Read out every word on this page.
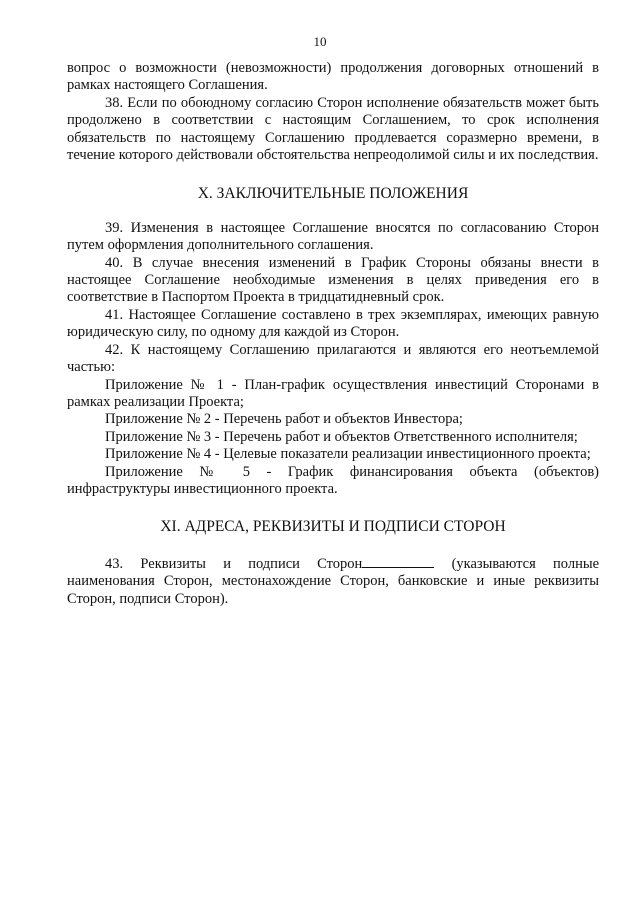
10

вопрос о возможности (невозможности) продолжения договорных отношений в рамках настоящего Соглашения.

38. Если по обоюдному согласию Сторон исполнение обязательств может быть продолжено в соответствии с настоящим Соглашением, то срок исполнения обязательств по настоящему Соглашению продлевается соразмерно времени, в течение которого действовали обстоятельства непреодолимой силы и их последствия.

X. ЗАКЛЮЧИТЕЛЬНЫЕ ПОЛОЖЕНИЯ

39. Изменения в настоящее Соглашение вносятся по согласованию Сторон путем оформления дополнительного соглашения.

40. В случае внесения изменений в График Стороны обязаны внести в настоящее Соглашение необходимые изменения в целях приведения его в соответствие в Паспортом Проекта в тридцатидневный срок.

41. Настоящее Соглашение составлено в трех экземплярах, имеющих равную юридическую силу, по одному для каждой из Сторон.

42. К настоящему Соглашению прилагаются и являются его неотъемлемой частью:

Приложение № 1 - План-график осуществления инвестиций Сторонами в рамках реализации Проекта;

Приложение № 2 - Перечень работ и объектов Инвестора;

Приложение № 3 - Перечень работ и объектов Ответственного исполнителя;

Приложение № 4 - Целевые показатели реализации инвестиционного проекта;

Приложение № 5 - График финансирования объекта (объектов) инфраструктуры инвестиционного проекта.

XI. АДРЕСА, РЕКВИЗИТЫ И ПОДПИСИ СТОРОН

43. Реквизиты и подписи Сторон	(указываются полные наименования Сторон, местонахождение Сторон, банковские и иные реквизиты Сторон, подписи Сторон).
